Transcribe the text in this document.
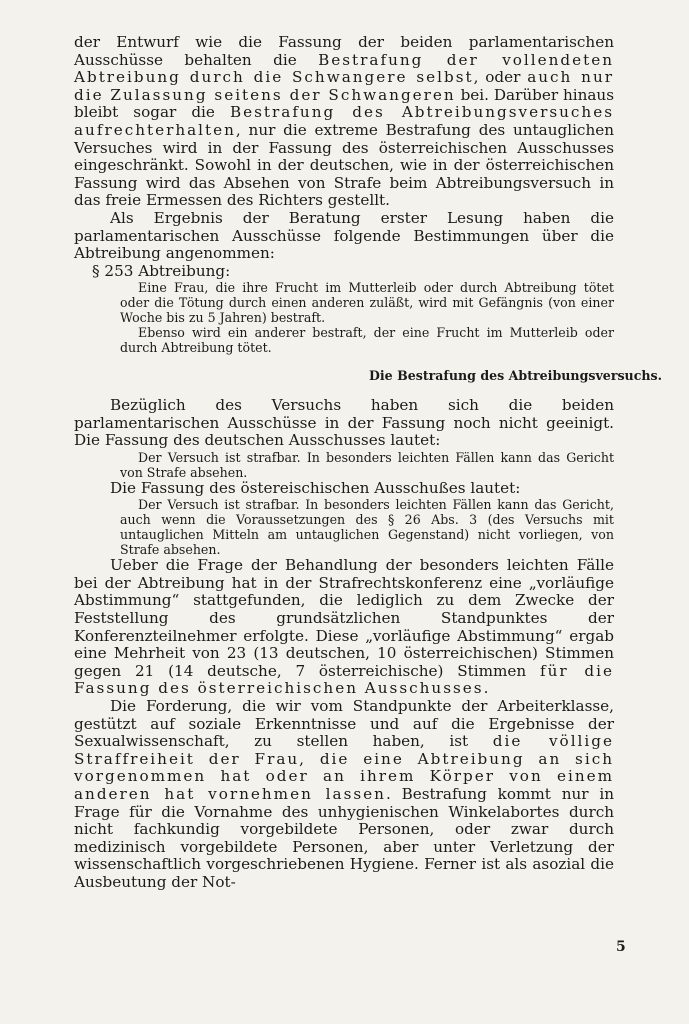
der Entwurf wie die Fassung der beiden parlamentarischen Ausschüsse behalten die Bestrafung der vollendeten Abtreibung durch die Schwangere selbst, oder auch nur die Zulassung seitens der Schwangeren bei. Darüber hinaus bleibt sogar die Bestrafung des Abtreibungsversuches aufrechterhalten, nur die extreme Bestrafung des untauglichen Versuches wird in der Fassung des österreichischen Ausschusses eingeschränkt. Sowohl in der deutschen, wie in der österreichischen Fassung wird das Absehen von Strafe beim Abtreibungsversuch in das freie Ermessen des Richters gestellt.

Als Ergebnis der Beratung erster Lesung haben die parlamentarischen Ausschüsse folgende Bestimmungen über die Abtreibung angenommen:

§ 253 Abtreibung:

Eine Frau, die ihre Frucht im Mutterleib oder durch Abtreibung tötet oder die Tötung durch einen anderen zuläßt, wird mit Gefängnis (von einer Woche bis zu 5 Jahren) bestraft.

Ebenso wird ein anderer bestraft, der eine Frucht im Mutterleib oder durch Abtreibung tötet.

Die Bestrafung des Abtreibungsversuchs.

Bezüglich des Versuchs haben sich die beiden parlamentarischen Ausschüsse in der Fassung noch nicht geeinigt. Die Fassung des deutschen Ausschusses lautet:

Der Versuch ist strafbar. In besonders leichten Fällen kann das Gericht von Strafe absehen.

Die Fassung des östereischischen Ausschußes lautet:

Der Versuch ist strafbar. In besonders leichten Fällen kann das Gericht, auch wenn die Voraussetzungen des § 26 Abs. 3 (des Versuchs mit untauglichen Mitteln am untauglichen Gegenstand) nicht vorliegen, von Strafe absehen.

Ueber die Frage der Behandlung der besonders leichten Fälle bei der Abtreibung hat in der Strafrechtskonferenz eine „vorläufige Abstimmung“ stattgefunden, die lediglich zu dem Zwecke der Feststellung des grundsätzlichen Standpunktes der Konferenzteilnehmer erfolgte. Diese „vorläufige Abstimmung“ ergab eine Mehrheit von 23 (13 deutschen, 10 österreichischen) Stimmen gegen 21 (14 deutsche, 7 österreichische) Stimmen für die Fassung des österreichischen Ausschusses.

Die Forderung, die wir vom Standpunkte der Arbeiterklasse, gestützt auf soziale Erkenntnisse und auf die Ergebnisse der Sexualwissenschaft, zu stellen haben, ist die völlige Straffreiheit der Frau, die eine Abtreibung an sich vorgenommen hat oder an ihrem Körper von einem anderen hat vornehmen lassen. Bestrafung kommt nur in Frage für die Vornahme des unhygienischen Winkelabortes durch nicht fachkundig vorgebildete Personen, oder zwar durch medizinisch vorgebildete Personen, aber unter Verletzung der wissenschaftlich vorgeschriebenen Hygiene. Ferner ist als asozial die Ausbeutung der Not-

5
